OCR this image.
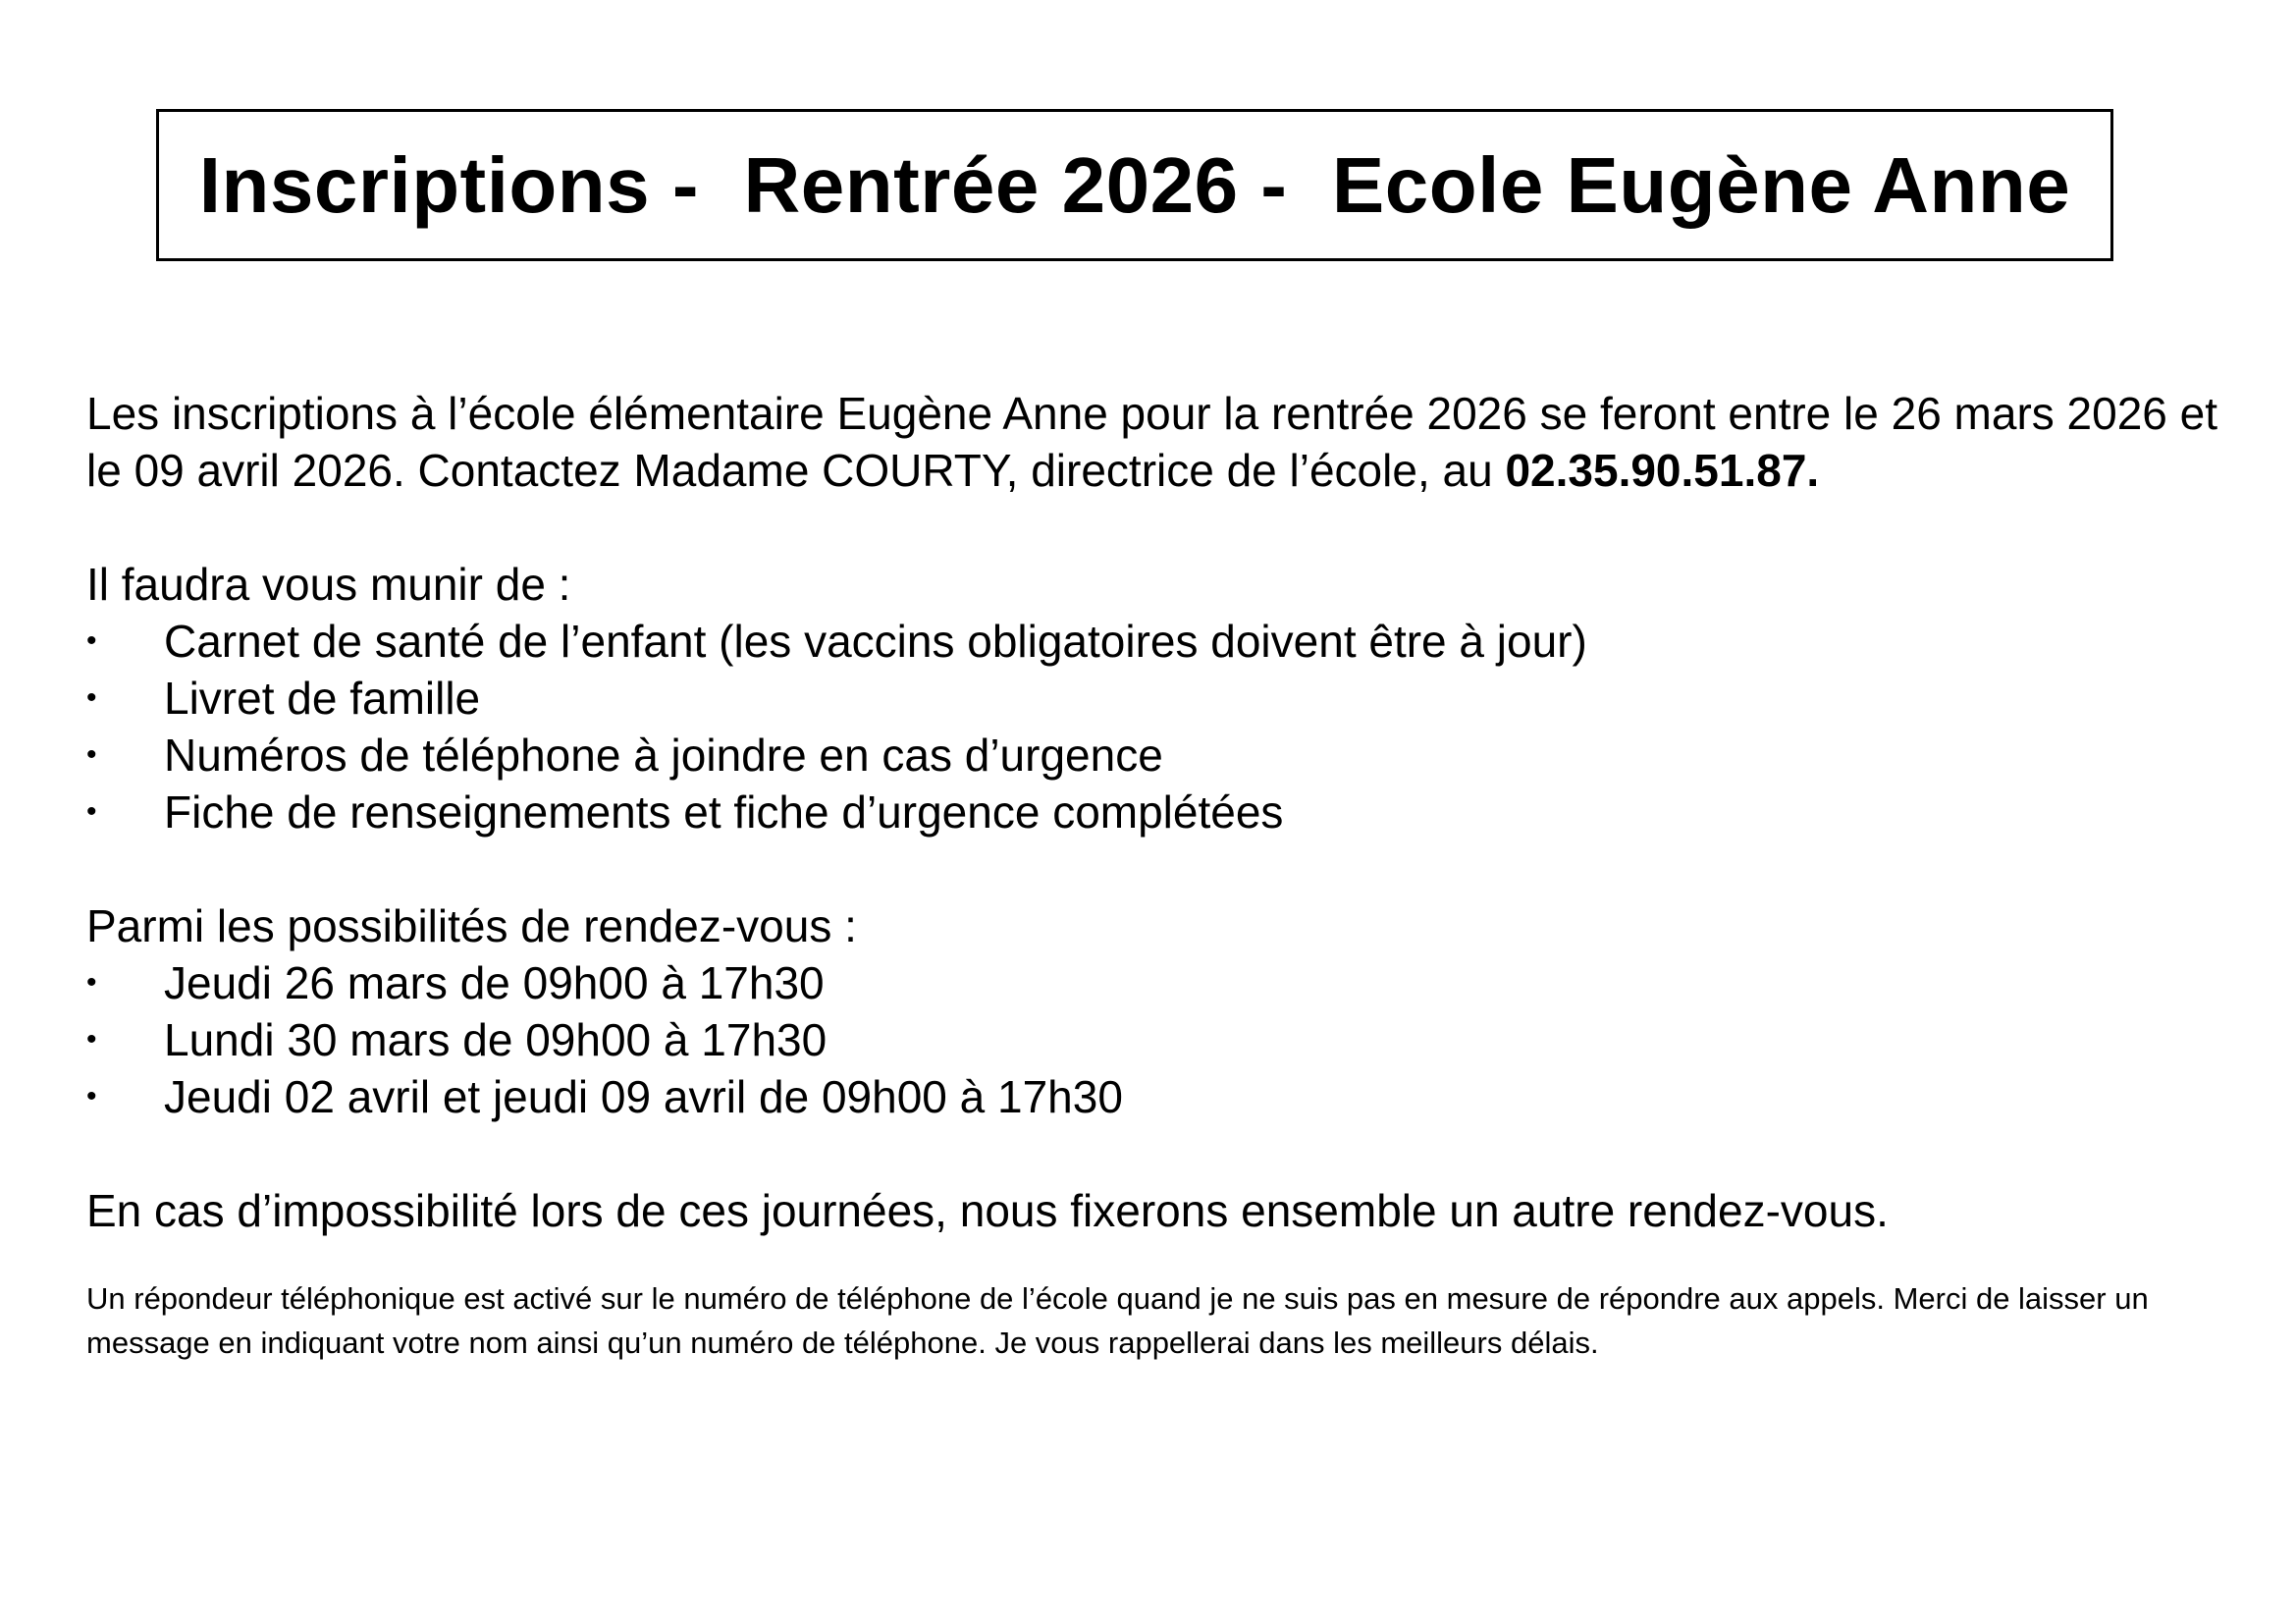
Inscriptions -  Rentrée 2026 -  Ecole Eugène Anne

Les inscriptions à l’école élémentaire Eugène Anne pour la rentrée 2026 se feront entre le 26 mars 2026 et le 09 avril 2026. Contactez Madame COURTY, directrice de l’école, au 02.35.90.51.87.

Il faudra vous munir de :

• Carnet de santé de l’enfant (les vaccins obligatoires doivent être à jour)
• Livret de famille
• Numéros de téléphone à joindre en cas d’urgence
• Fiche de renseignements et fiche d’urgence complétées

Parmi les possibilités de rendez-vous :

• Jeudi 26 mars de 09h00 à 17h30
• Lundi 30 mars de 09h00 à 17h30
• Jeudi 02 avril et jeudi 09 avril de 09h00 à 17h30

En cas d’impossibilité lors de ces journées, nous fixerons ensemble un autre rendez-vous.

Un répondeur téléphonique est activé sur le numéro de téléphone de l’école quand je ne suis pas en mesure de répondre aux appels. Merci de laisser un message en indiquant votre nom ainsi qu’un numéro de téléphone. Je vous rappellerai dans les meilleurs délais.
